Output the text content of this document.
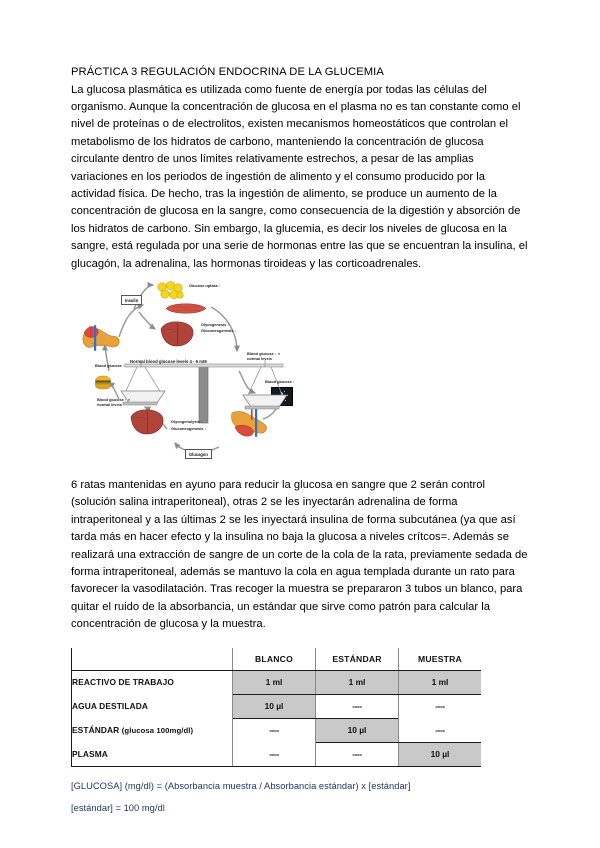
PRÁCTICA 3 REGULACIÓN ENDOCRINA DE LA GLUCEMIA
La glucosa plasmática es utilizada como fuente de energía por todas las células del organismo. Aunque la concentración de glucosa en el plasma no es tan constante como el nivel de proteínas o de electrolitos, existen mecanismos homeostáticos que controlan el metabolismo de los hidratos de carbono, manteniendo la concentración de glucosa circulante dentro de unos límites relativamente estrechos, a pesar de las amplias variaciones en los periodos de ingestión de alimento y el consumo producido por la actividad física. De hecho, tras la ingestión de alimento, se produce un aumento de la concentración de glucosa en la sangre, como consecuencia de la digestión y absorción de los hidratos de carbono. Sin embargo, la glucemia, es decir los niveles de glucosa en la sangre, está regulada por una serie de hormonas entre las que se encuentran la insulina, el glucagón, la adrenalina, las hormonas tiroideas y las corticoadrenales.
Glucose uptake ↑
Glycogenesis ↑
Gluconeogenesis ↓
Blood glucose ↓ > normal levels
Blood glucose ↑
Blood glucose ↑ > normal levels
Glycogenolysis ↑
Gluconeogenesis ↑
Blood glucose ↓
Normal blood glucose levels 4 - 6 mM
Insulin
Glucagon
6 ratas mantenidas en ayuno para reducir la glucosa en sangre que 2 serán control (solución salina intraperitoneal), otras 2 se les inyectarán adrenalina de forma intraperitoneal y a las últimas 2 se les inyectará insulina de forma subcutánea (ya que así tarda más en hacer efecto y la insulina no baja la glucosa a niveles crítcos=. Además se realizará una extracción de sangre de un corte de la cola de la rata, previamente sedada de forma intraperitoneal, además se mantuvo la cola en agua templada durante un rato para favorecer la vasodilatación. Tras recoger la muestra se prepararon 3 tubos un blanco, para quitar el ruido de la absorbancia, un estándar que sirve como patrón para calcular la concentración de glucosa y la muestra.
	BLANCO	ESTÁNDAR	MUESTRA
REACTIVO DE TRABAJO	1 ml	1 ml	1 ml
AGUA DESTILADA	10 µl	----	----
ESTÁNDAR (glucosa 100mg/dl)	----	10 µl	----
PLASMA	----	----	10 µl
[GLUCOSA] (mg/dl) = (Absorbancia muestra / Absorbancia estándar) x [estándar]
[estándar] = 100 mg/dl
